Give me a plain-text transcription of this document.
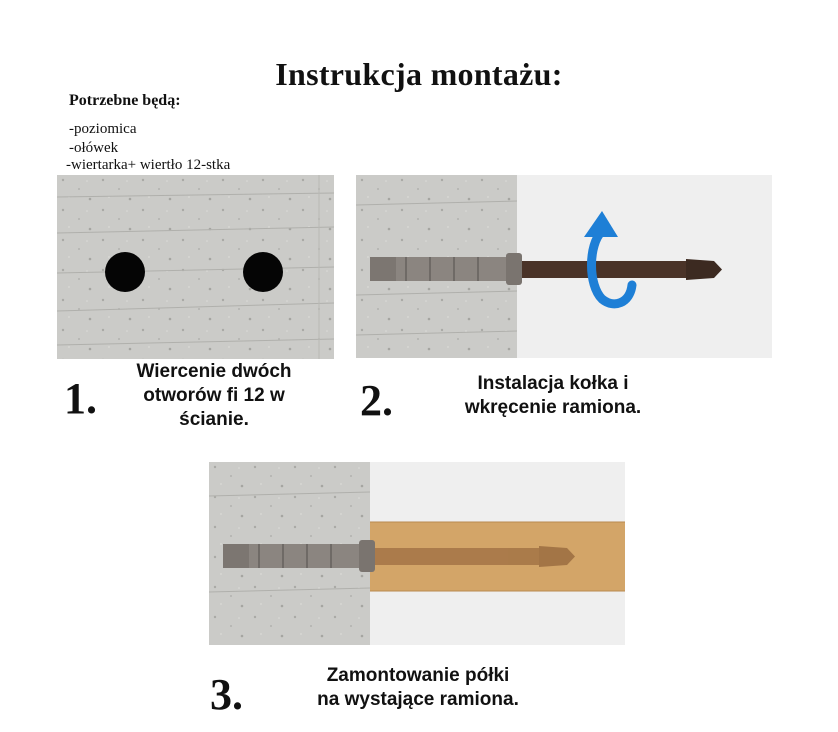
Instrukcja montażu:
Potrzebne będą:
-poziomica
-ołówek
-wiertarka+ wiertło 12-stka
1.
Wiercenie dwóch
otworów fi 12 w
ścianie.	2.	Instalacja kołka i
wkręcenie ramiona.
3.	Zamontowanie półki
na wystające ramiona.
